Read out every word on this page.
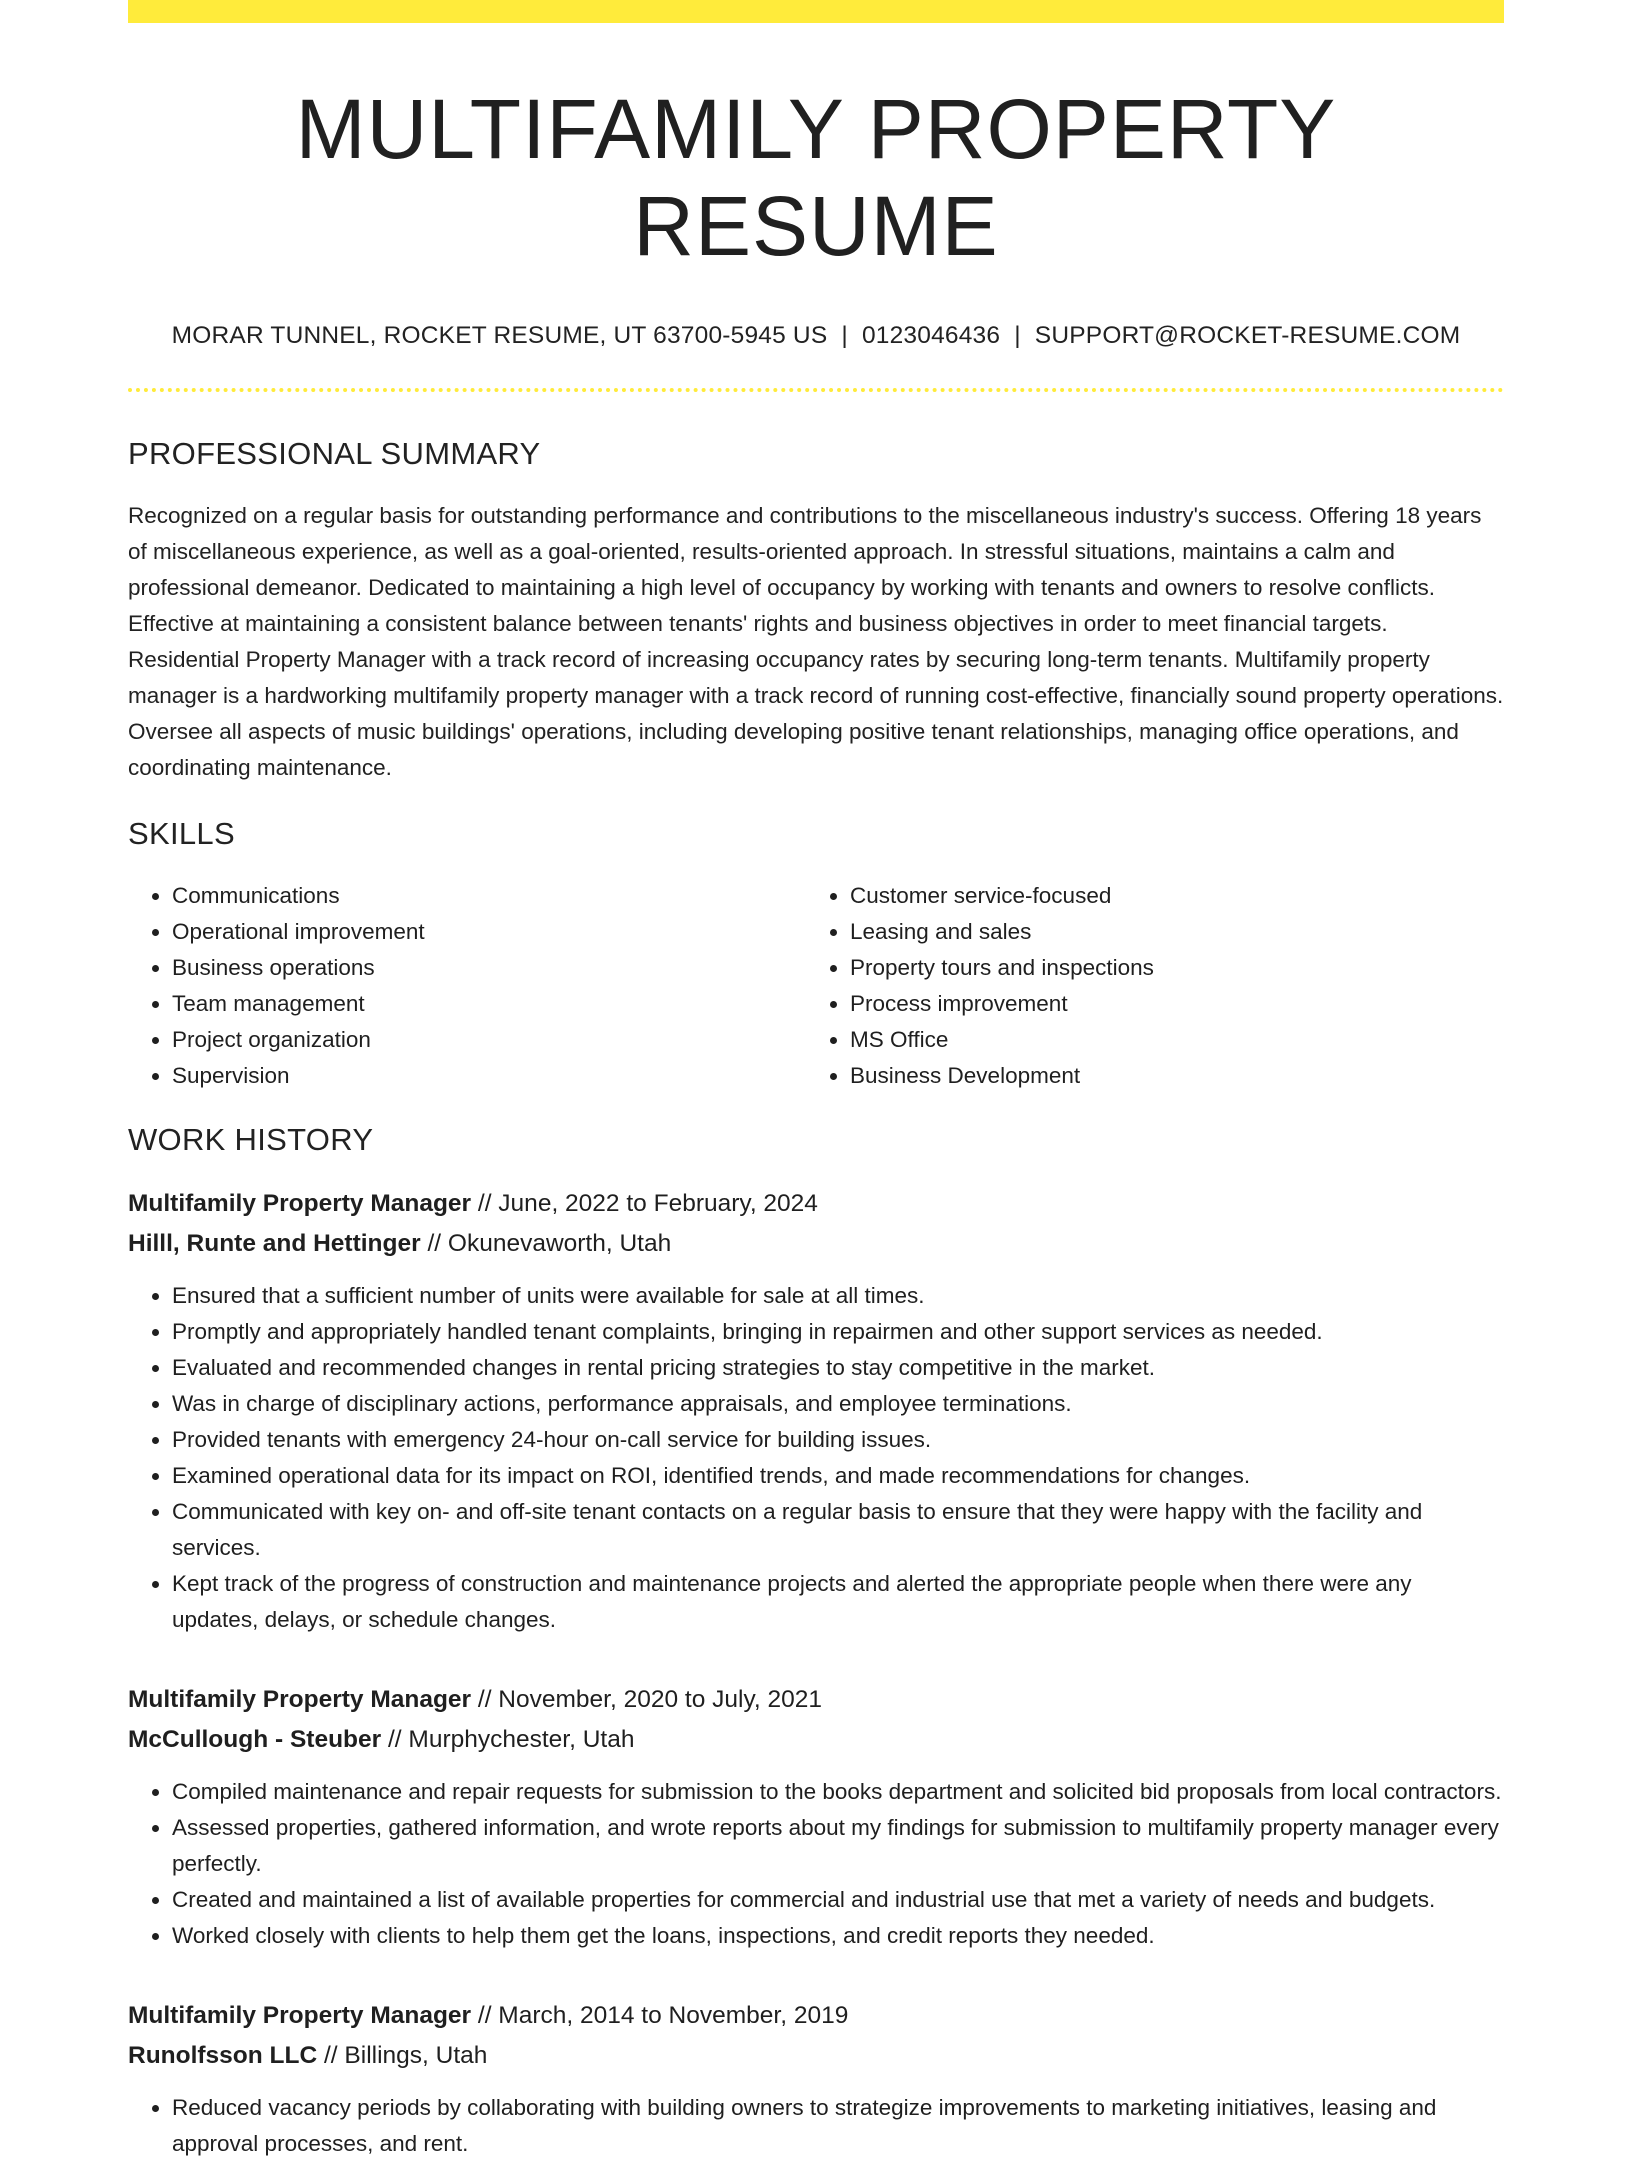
MULTIFAMILY PROPERTY RESUME
MORAR TUNNEL, ROCKET RESUME, UT 63700-5945 US | 0123046436 | SUPPORT@ROCKET-RESUME.COM
PROFESSIONAL SUMMARY
Recognized on a regular basis for outstanding performance and contributions to the miscellaneous industry's success. Offering 18 years of miscellaneous experience, as well as a goal-oriented, results-oriented approach. In stressful situations, maintains a calm and professional demeanor. Dedicated to maintaining a high level of occupancy by working with tenants and owners to resolve conflicts. Effective at maintaining a consistent balance between tenants' rights and business objectives in order to meet financial targets. Residential Property Manager with a track record of increasing occupancy rates by securing long-term tenants. Multifamily property manager is a hardworking multifamily property manager with a track record of running cost-effective, financially sound property operations. Oversee all aspects of music buildings' operations, including developing positive tenant relationships, managing office operations, and coordinating maintenance.
SKILLS
• Communications
• Operational improvement
• Business operations
• Team management
• Project organization
• Supervision
• Customer service-focused
• Leasing and sales
• Property tours and inspections
• Process improvement
• MS Office
• Business Development
WORK HISTORY
Multifamily Property Manager // June, 2022 to February, 2024
Hilll, Runte and Hettinger // Okunevaworth, Utah
• Ensured that a sufficient number of units were available for sale at all times.
• Promptly and appropriately handled tenant complaints, bringing in repairmen and other support services as needed.
• Evaluated and recommended changes in rental pricing strategies to stay competitive in the market.
• Was in charge of disciplinary actions, performance appraisals, and employee terminations.
• Provided tenants with emergency 24-hour on-call service for building issues.
• Examined operational data for its impact on ROI, identified trends, and made recommendations for changes.
• Communicated with key on- and off-site tenant contacts on a regular basis to ensure that they were happy with the facility and services.
• Kept track of the progress of construction and maintenance projects and alerted the appropriate people when there were any updates, delays, or schedule changes.
Multifamily Property Manager // November, 2020 to July, 2021
McCullough - Steuber // Murphychester, Utah
• Compiled maintenance and repair requests for submission to the books department and solicited bid proposals from local contractors.
• Assessed properties, gathered information, and wrote reports about my findings for submission to multifamily property manager every perfectly.
• Created and maintained a list of available properties for commercial and industrial use that met a variety of needs and budgets.
• Worked closely with clients to help them get the loans, inspections, and credit reports they needed.
Multifamily Property Manager // March, 2014 to November, 2019
Runolfsson LLC // Billings, Utah
• Reduced vacancy periods by collaborating with building owners to strategize improvements to marketing initiatives, leasing and approval processes, and rent.
